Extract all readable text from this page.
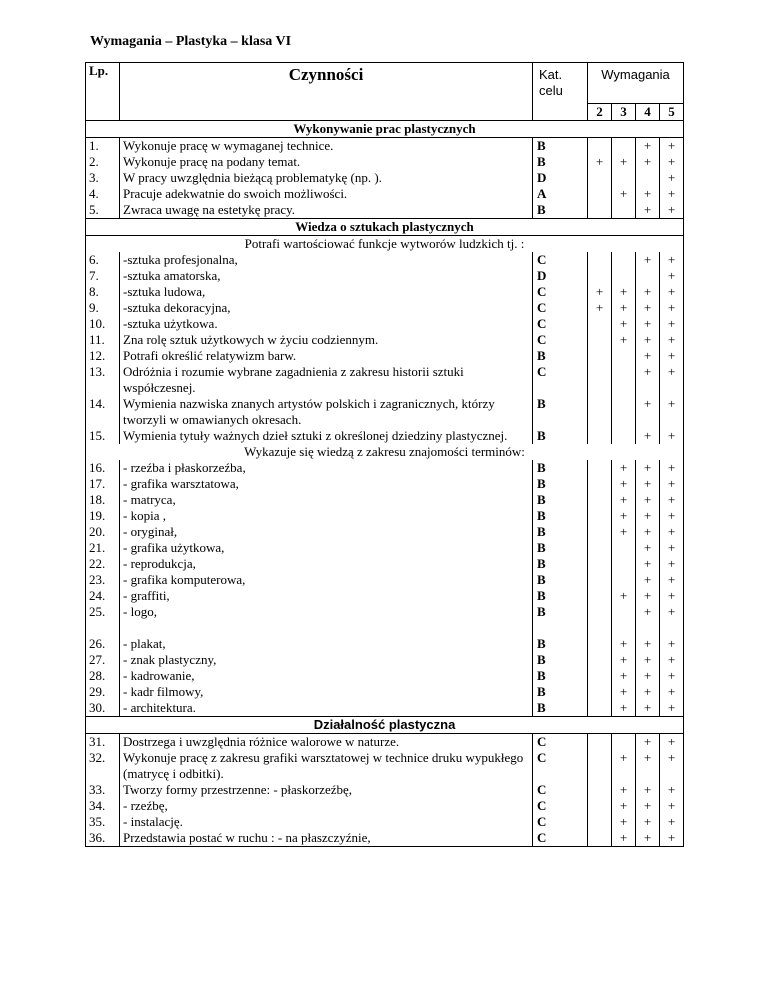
Wymagania – Plastyka – klasa VI
Lp.	Czynności	Kat. celu	Wymagania			
			2	3	4	5
Wykonywanie prac plastycznych						
1.	Wykonuje pracę w wymaganej technice.	B			+	+
2.	Wykonuje pracę na podany temat.	B	+	+	+	+
3.	W pracy uwzględnia bieżącą problematykę (np. ).	D				+
4.	Pracuje adekwatnie do swoich możliwości.	A		+	+	+
5.	Zwraca uwagę na estetykę pracy.	B			+	+
Wiedza o sztukach plastycznych						
Potrafi wartościować funkcje wytworów ludzkich tj. :						
6.	-sztuka profesjonalna,	C			+	+
7.	-sztuka amatorska,	D				+
8.	-sztuka ludowa,	C	+	+	+	+
9.	-sztuka dekoracyjna,	C	+	+	+	+
10.	-sztuka użytkowa.	C		+	+	+
11.	Zna rolę sztuk użytkowych w życiu codziennym.	C		+	+	+
12.	Potrafi określić relatywizm barw.	B			+	+
13.	Odróżnia i rozumie wybrane zagadnienia z zakresu historii sztuki współczesnej.	C			+	+
14.	Wymienia nazwiska znanych artystów polskich i zagranicznych, którzy tworzyli w omawianych okresach.	B			+	+
15.	Wymienia tytuły ważnych dzieł sztuki z określonej dziedziny plastycznej.	B			+	+
Wykazuje się wiedzą z zakresu znajomości terminów:						
16.	- rzeźba i płaskorzeźba,	B		+	+	+
17.	- grafika warsztatowa,	B		+	+	+
18.	- matryca,	B		+	+	+
19.	- kopia ,	B		+	+	+
20.	- oryginał,	B		+	+	+
21.	- grafika użytkowa,	B			+	+
22.	- reprodukcja,	B			+	+
23.	- grafika komputerowa,	B			+	+
24.	- graffiti,	B		+	+	+
25.	- logo,	B			+	+

26.	- plakat,	B		+	+	+
27.	- znak plastyczny,	B		+	+	+
28.	- kadrowanie,	B		+	+	+
29.	- kadr filmowy,	B		+	+	+
30.	- architektura.	B		+	+	+
Działalność plastyczna						
31.	Dostrzega i uwzględnia różnice walorowe w naturze.	C			+	+
32.	Wykonuje pracę z zakresu grafiki warsztatowej w technice druku wypukłego (matrycę i odbitki).	C		+	+	+
33.	Tworzy formy przestrzenne: - płaskorzeźbę,	C		+	+	+
34.	- rzeźbę,	C		+	+	+
35.	- instalację.	C		+	+	+
36.	Przedstawia postać w ruchu : - na płaszczyźnie,	C		+	+	+
